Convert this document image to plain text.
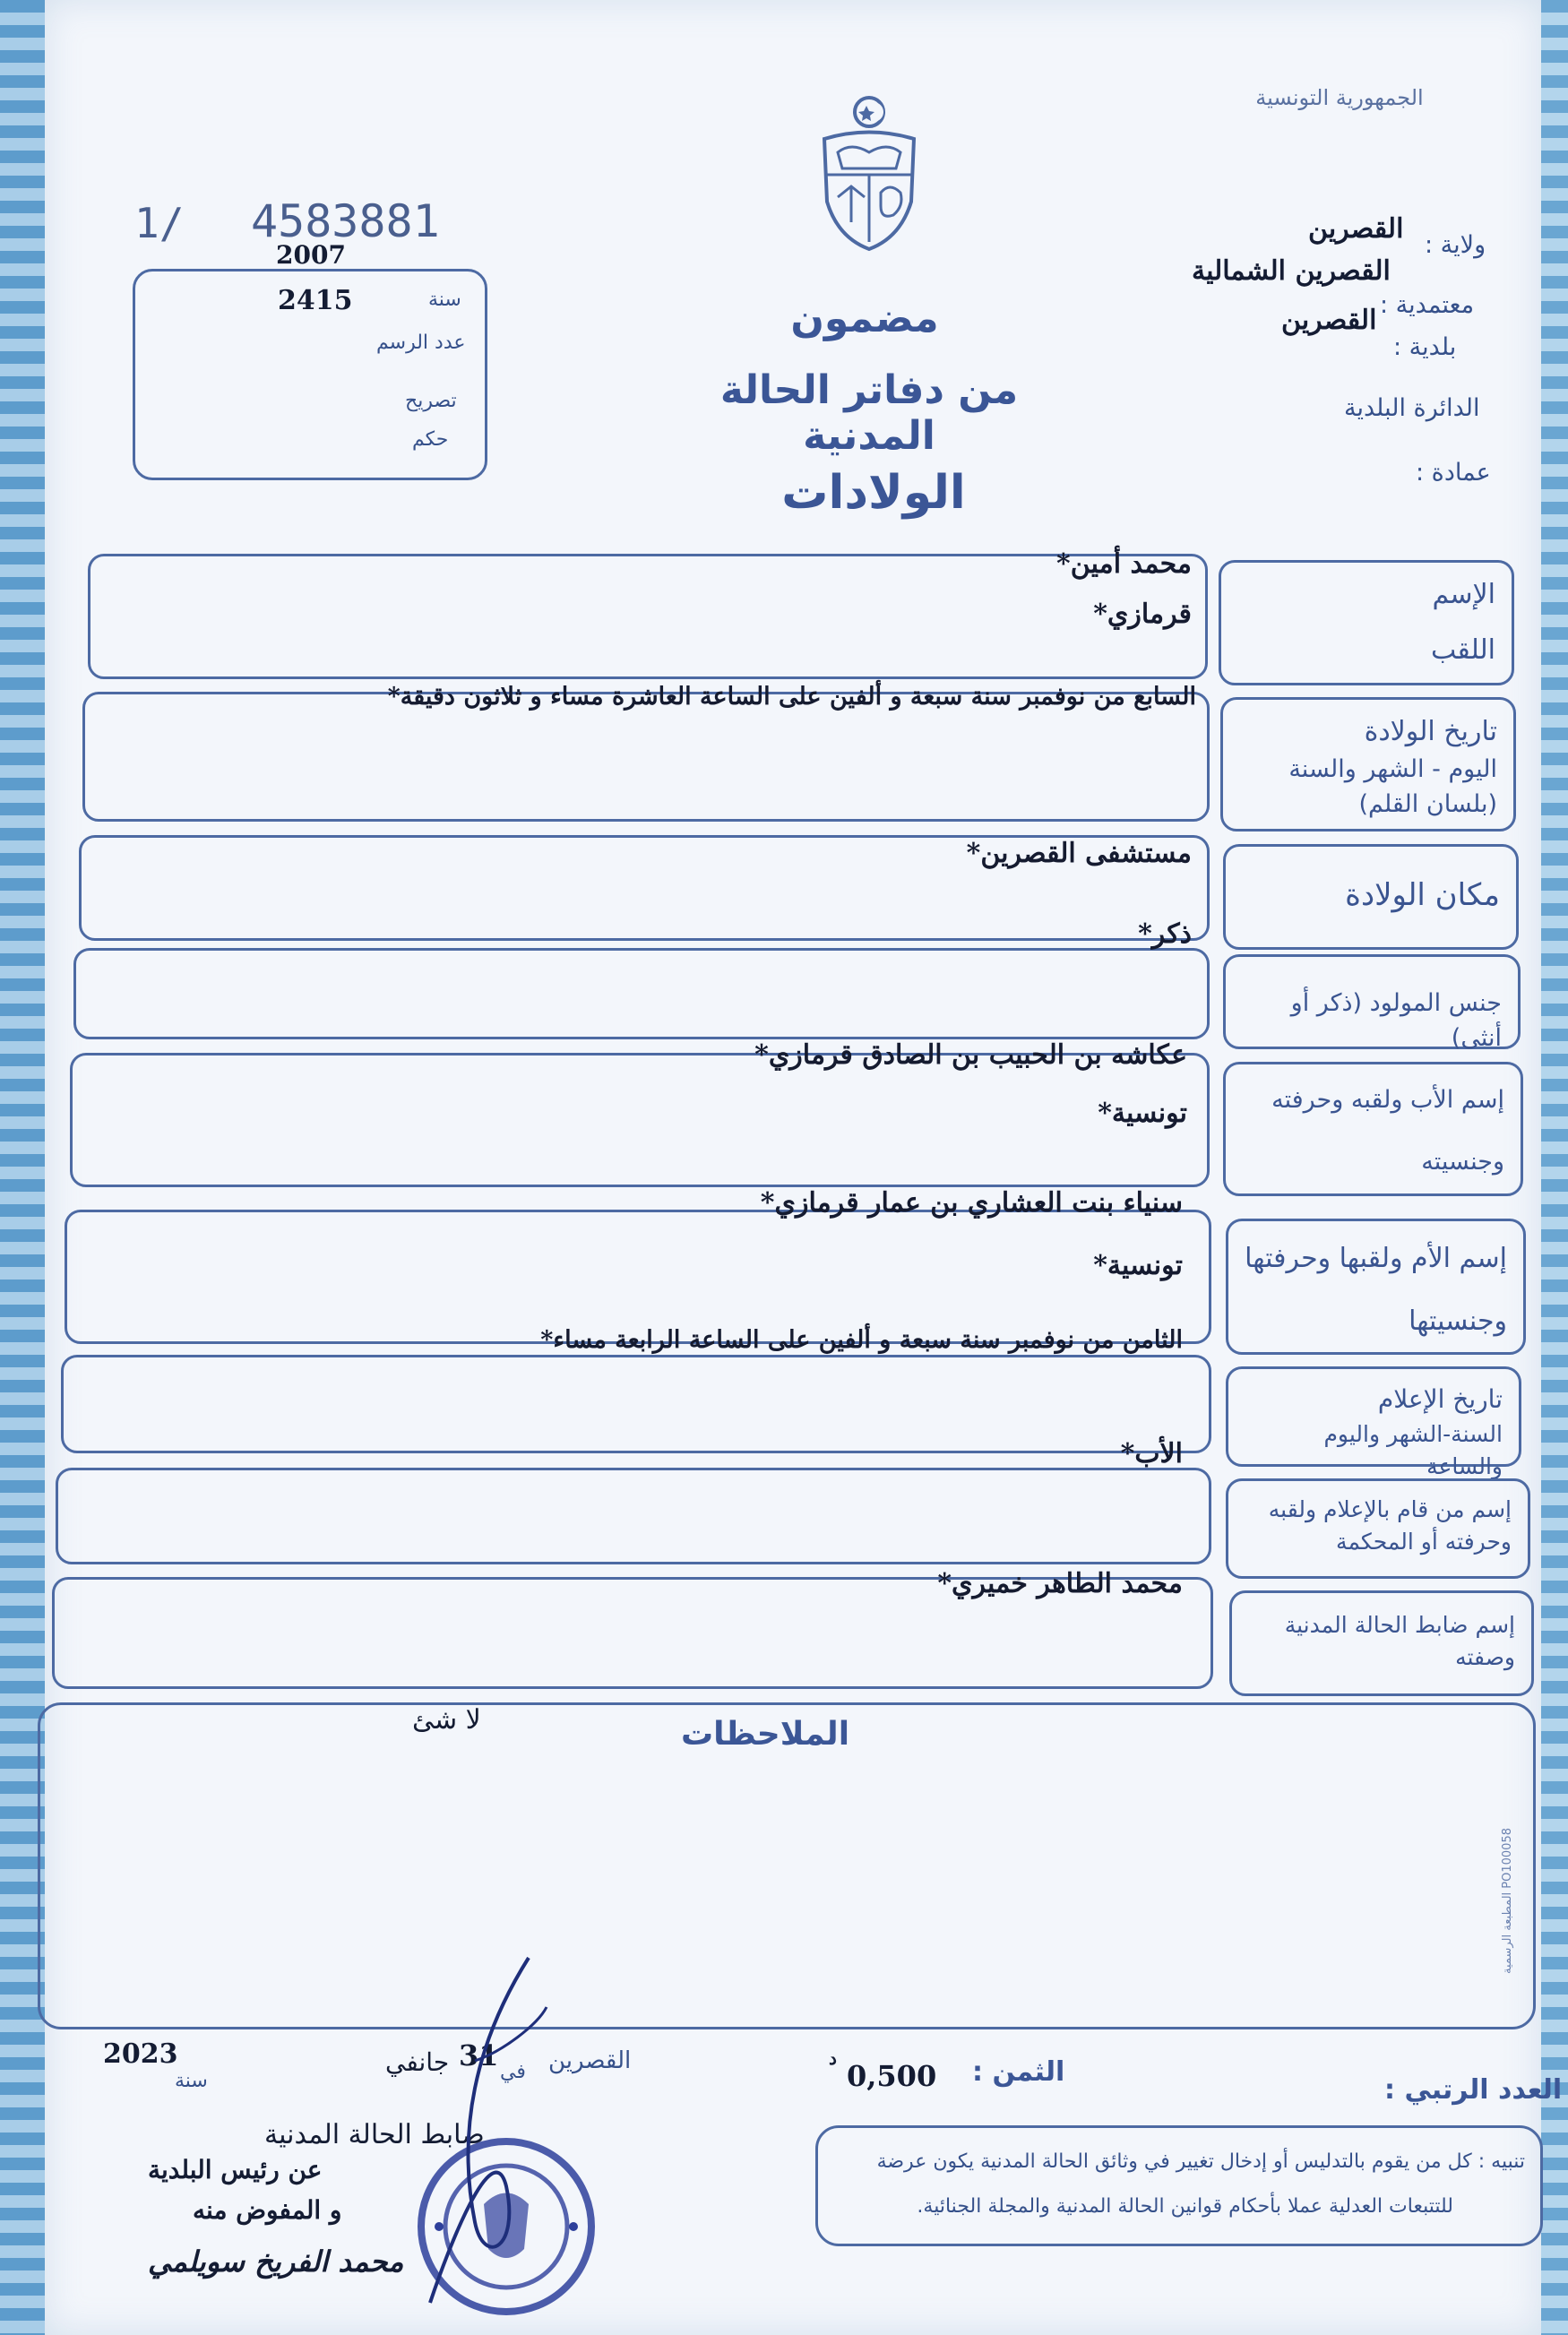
الجمهورية التونسية
ولاية :
القصرين
معتمدية :
القصرين الشمالية
بلدية :
القصرين
الدائرة البلدية
عمادة :
مضمون
من دفاتر الحالة المدنية
الولادات
1/ 4583881
2007
سنة
2415
عدد الرسم
تصريح
حكم
الإسم
اللقب
محمد أمين*
قرمازي*
تاريخ الولادة
اليوم - الشهر والسنة
(بلسان القلم)
السابع من نوفمبر سنة سبعة و ألفين على الساعة العاشرة مساء و ثلاثون دقيقة*
مكان الولادة
مستشفى القصرين*
جنس المولود (ذكر أو أنثى)
ذكر*
إسم الأب ولقبه وحرفته
وجنسيته
عكاشه بن الحبيب بن الصادق قرمازي*
تونسية*
إسم الأم ولقبها وحرفتها
وجنسيتها
سنياء بنت العشاري بن عمار قرمازي*
تونسية*
تاريخ الإعلام
السنة-الشهر واليوم والساعة
الثامن من نوفمبر سنة سبعة و ألفين على الساعة الرابعة مساء*
إسم من قام بالإعلام ولقبه
وحرفته أو المحكمة
الأب*
إسم ضابط الحالة المدنية
وصفته
محمد الطاهر خميري*
الملاحظات
لا شئ
المطبعة الرسمية PO100058
2023
سنة
جانفي 31 في القصرين	الثمن :
0,500
د
العدد الرتبي :
ضابط الحالة المدنية
عن رئيس البلدية
و المفوض منه
محمد الفريخ سويلمي
تنبيه : كل من يقوم بالتدليس أو إدخال تغيير في وثائق الحالة المدنية يكون عرضة
للتتبعات العدلية عملا بأحكام قوانين الحالة المدنية والمجلة الجنائية.
